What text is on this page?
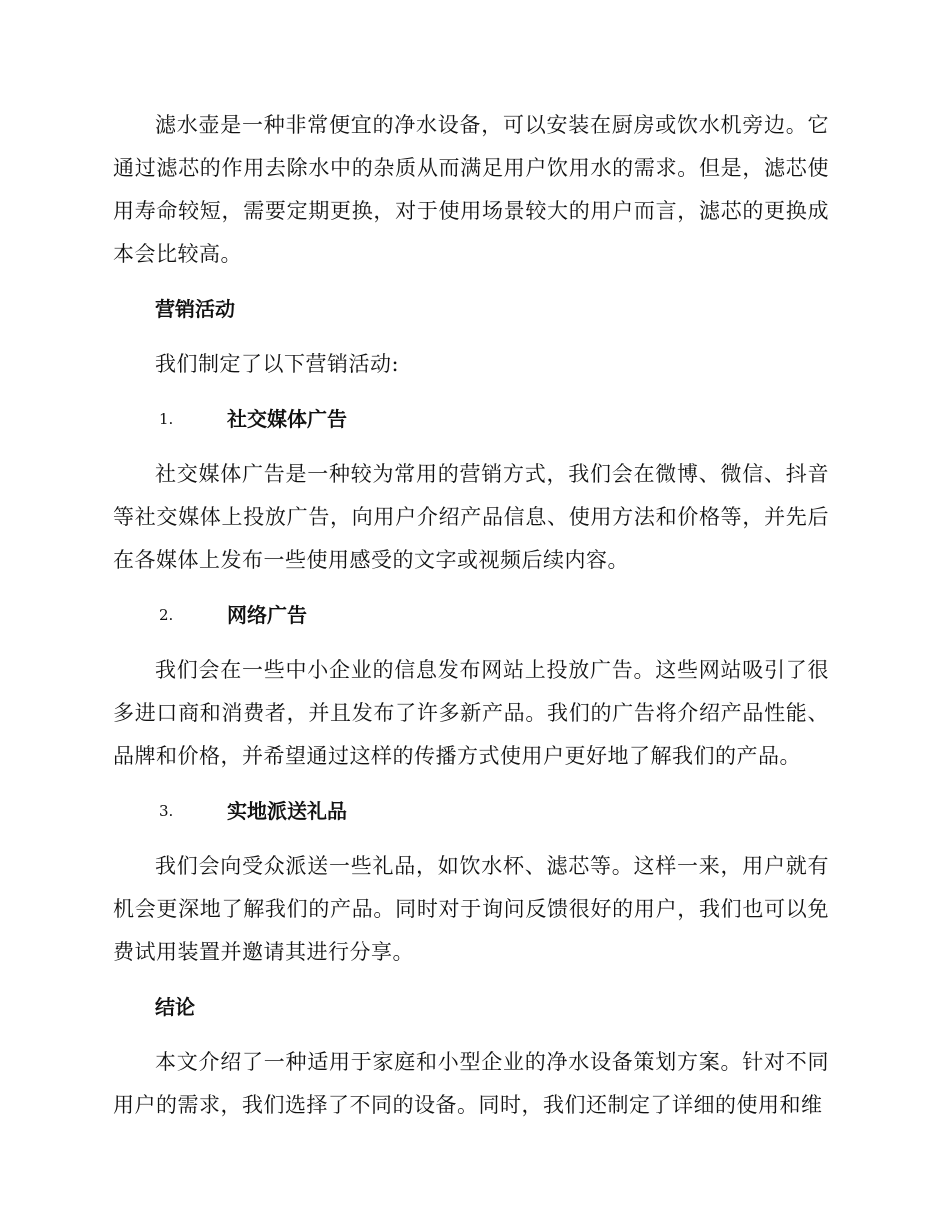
滤水壶是一种非常便宜的净水设备，可以安装在厨房或饮水机旁边。它通过滤芯的作用去除水中的杂质从而满足用户饮用水的需求。但是，滤芯使用寿命较短，需要定期更换，对于使用场景较大的用户而言，滤芯的更换成本会比较高。

营销活动

我们制定了以下营销活动:

1.	社交媒体广告

社交媒体广告是一种较为常用的营销方式，我们会在微博、微信、抖音等社交媒体上投放广告，向用户介绍产品信息、使用方法和价格等，并先后在各媒体上发布一些使用感受的文字或视频后续内容。

2.	网络广告

我们会在一些中小企业的信息发布网站上投放广告。这些网站吸引了很多进口商和消费者，并且发布了许多新产品。我们的广告将介绍产品性能、品牌和价格，并希望通过这样的传播方式使用户更好地了解我们的产品。

3.	实地派送礼品

我们会向受众派送一些礼品，如饮水杯、滤芯等。这样一来，用户就有机会更深地了解我们的产品。同时对于询问反馈很好的用户，我们也可以免费试用装置并邀请其进行分享。

结论

本文介绍了一种适用于家庭和小型企业的净水设备策划方案。针对不同用户的需求，我们选择了不同的设备。同时，我们还制定了详细的使用和维
